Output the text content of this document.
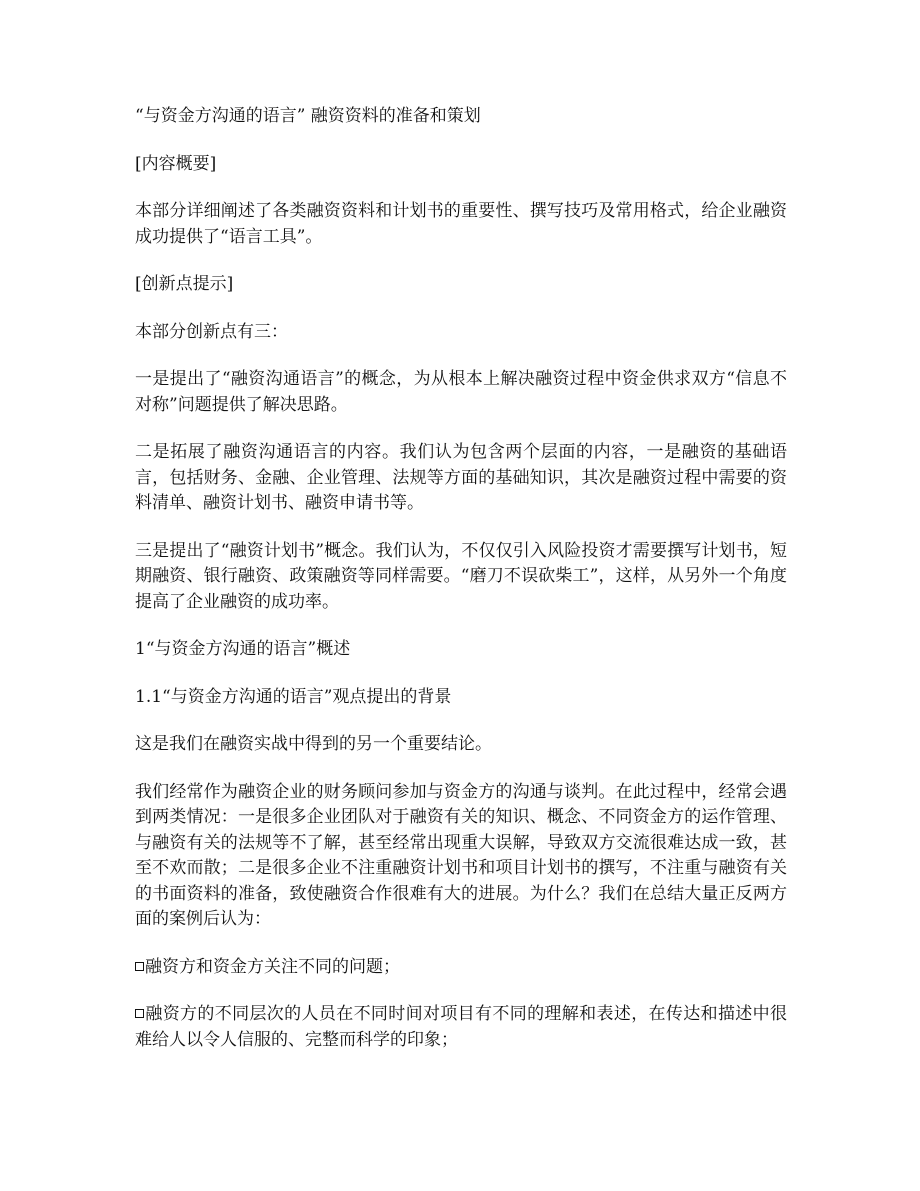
“与资金方沟通的语言” 融资资料的准备和策划

[内容概要]

本部分详细阐述了各类融资资料和计划书的重要性、撰写技巧及常用格式，给企业融资成功提供了“语言工具”。

[创新点提示]

本部分创新点有三：

一是提出了“融资沟通语言”的概念，为从根本上解决融资过程中资金供求双方“信息不对称”问题提供了解决思路。

二是拓展了融资沟通语言的内容。我们认为包含两个层面的内容，一是融资的基础语言，包括财务、金融、企业管理、法规等方面的基础知识，其次是融资过程中需要的资料清单、融资计划书、融资申请书等。

三是提出了“融资计划书”概念。我们认为，不仅仅引入风险投资才需要撰写计划书，短期融资、银行融资、政策融资等同样需要。“磨刀不误砍柴工”，这样，从另外一个角度提高了企业融资的成功率。

1“与资金方沟通的语言”概述

1.1“与资金方沟通的语言”观点提出的背景

这是我们在融资实战中得到的另一个重要结论。

我们经常作为融资企业的财务顾问参加与资金方的沟通与谈判。在此过程中，经常会遇到两类情况：一是很多企业团队对于融资有关的知识、概念、不同资金方的运作管理、与融资有关的法规等不了解，甚至经常出现重大误解，导致双方交流很难达成一致，甚至不欢而散；二是很多企业不注重融资计划书和项目计划书的撰写，不注重与融资有关的书面资料的准备，致使融资合作很难有大的进展。为什么？我们在总结大量正反两方面的案例后认为：

融资方和资金方关注不同的问题；

融资方的不同层次的人员在不同时间对项目有不同的理解和表述，在传达和描述中很难给人以令人信服的、完整而科学的印象；
